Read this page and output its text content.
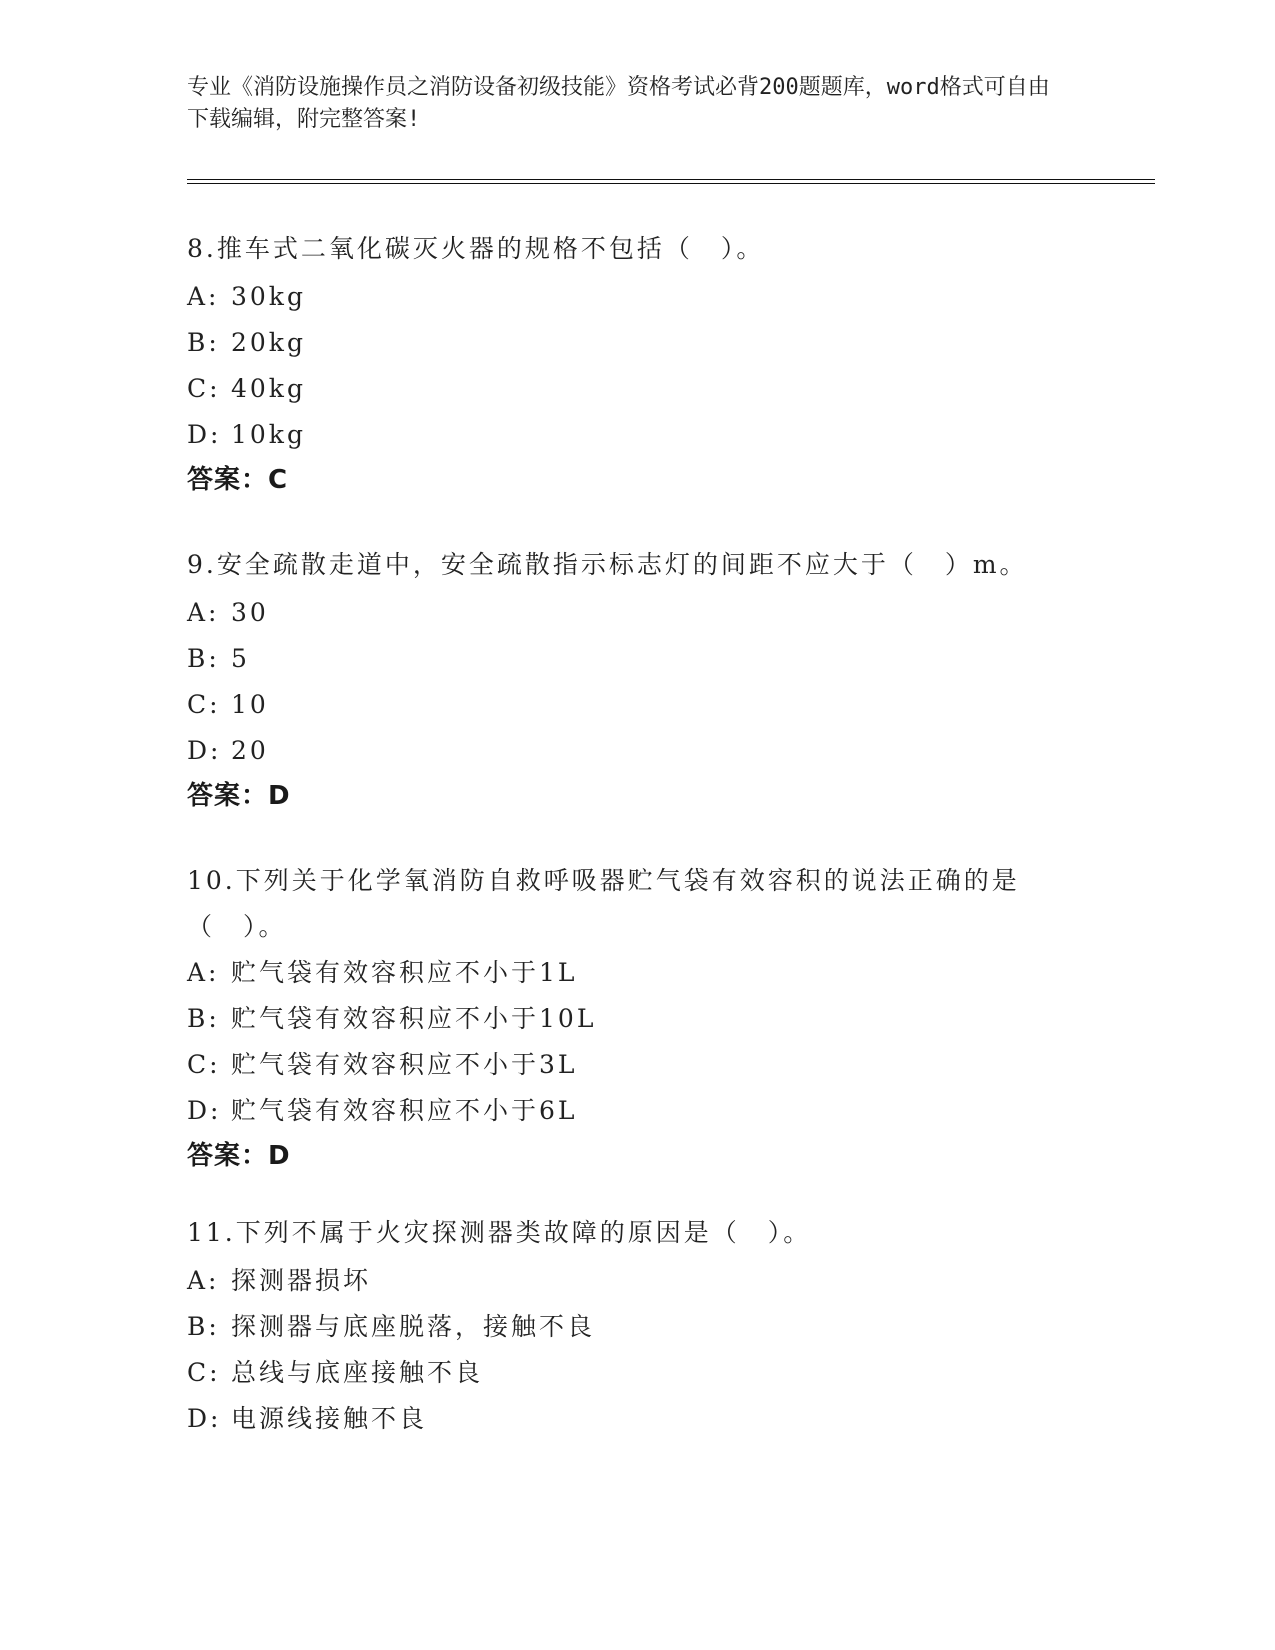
专业《消防设施操作员之消防设备初级技能》资格考试必背200题题库，word格式可自由下载编辑，附完整答案!
8.推车式二氧化碳灭火器的规格不包括（　）。
A: 30kg
B: 20kg
C: 40kg
D: 10kg
答案：C
9.安全疏散走道中，安全疏散指示标志灯的间距不应大于（　）m。
A: 30
B: 5
C: 10
D: 20
答案：D
10.下列关于化学氧消防自救呼吸器贮气袋有效容积的说法正确的是（　）。
A: 贮气袋有效容积应不小于1L
B: 贮气袋有效容积应不小于10L
C: 贮气袋有效容积应不小于3L
D: 贮气袋有效容积应不小于6L
答案：D
11.下列不属于火灾探测器类故障的原因是（　）。
A: 探测器损坏
B: 探测器与底座脱落，接触不良
C: 总线与底座接触不良
D: 电源线接触不良
